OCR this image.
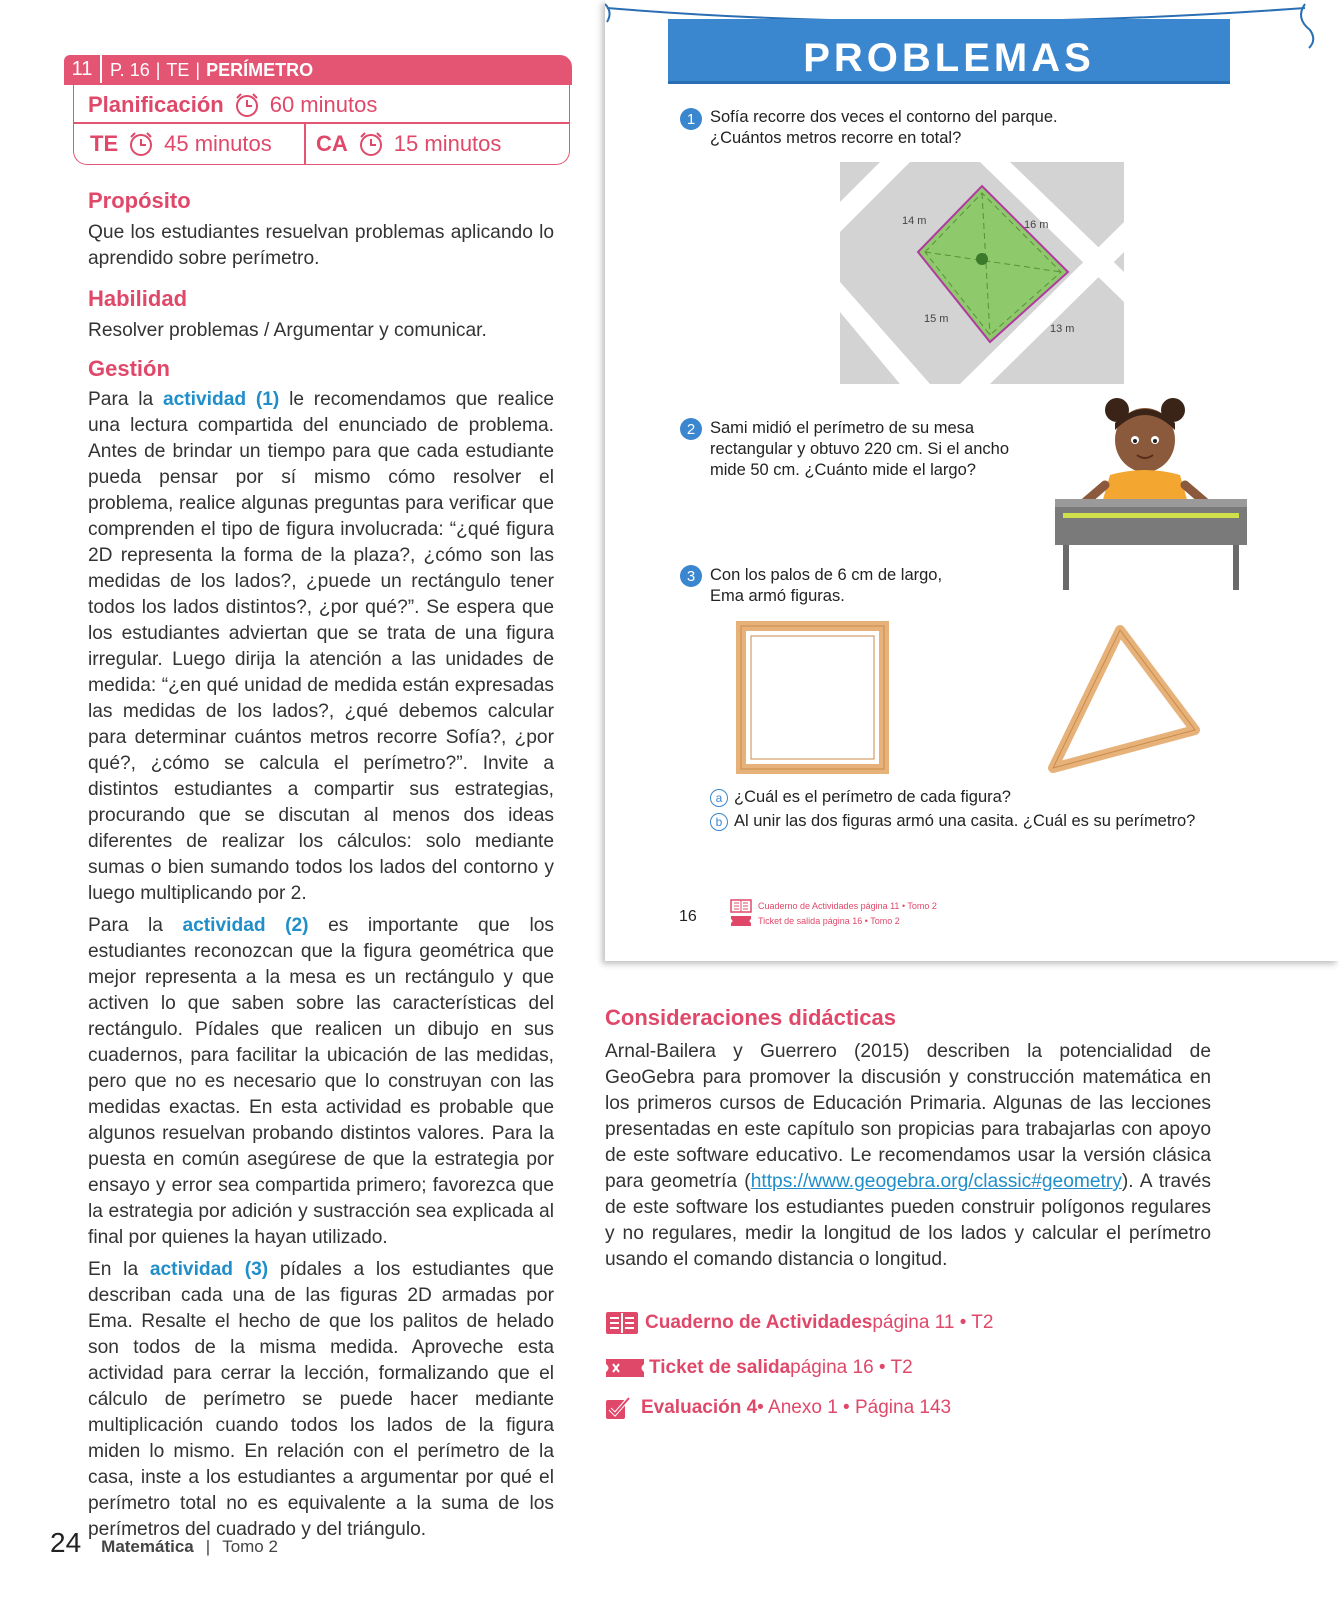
11 P. 16 | TE | PERÍMETRO
Planificación 60 minutos
TE 45 minutos CA 15 minutos
Propósito

Que los estudiantes resuelvan problemas aplicando lo aprendido sobre perímetro.

Habilidad

Resolver problemas / Argumentar y comunicar.

Gestión

Para la actividad (1) le recomendamos que realice una lectura compartida del enunciado de problema. Antes de brindar un tiempo para que cada estudiante pueda pensar por sí mismo cómo resolver el problema, realice algunas preguntas para verificar que comprenden el tipo de figura involucrada: “¿qué figura 2D representa la forma de la plaza?, ¿cómo son las medidas de los lados?, ¿puede un rectángulo tener todos los lados distintos?, ¿por qué?”. Se espera que los estudiantes adviertan que se trata de una figura irregular. Luego dirija la atención a las unidades de medida: “¿en qué unidad de medida están expresadas las medidas de los lados?, ¿qué debemos calcular para determinar cuántos metros recorre Sofía?, ¿por qué?, ¿cómo se calcula el perímetro?”. Invite a distintos estudiantes a compartir sus estrategias, procurando que se discutan al menos dos ideas diferentes de realizar los cálculos: solo mediante sumas o bien sumando todos los lados del contorno y luego multiplicando por 2.

Para la actividad (2) es importante que los estudiantes reconozcan que la figura geométrica que mejor representa a la mesa es un rectángulo y que activen lo que saben sobre las características del rectángulo. Pídales que realicen un dibujo en sus cuadernos, para facilitar la ubicación de las medidas, pero que no es necesario que lo construyan con las medidas exactas. En esta actividad es probable que algunos resuelvan probando distintos valores. Para la puesta en común asegúrese de que la estrategia por ensayo y error sea compartida primero; favorezca que la estrategia por adición y sustracción sea explicada al final por quienes la hayan utilizado.

En la actividad (3) pídales a los estudiantes que describan cada una de las figuras 2D armadas por Ema. Resalte el hecho de que los palitos de helado son todos de la misma medida. Aproveche esta actividad para cerrar la lección, formalizando que el cálculo de perímetro se puede hacer mediante multiplicación cuando todos los lados de la figura miden lo mismo. En relación con el perímetro de la casa, inste a los estudiantes a argumentar por qué el perímetro total no es equivalente a la suma de los perímetros del cuadrado y del triángulo.

PROBLEMAS
1 Sofía recorre dos veces el contorno del parque.
¿Cuántos metros recorre en total?
14 m	16 m
15 m
13 m
2 Sami midió el perímetro de su mesa
rectangular y obtuvo 220 cm. Si el ancho
mide 50 cm. ¿Cuánto mide el largo?
3 Con los palos de 6 cm de largo,
Ema armó figuras.
a ¿Cuál es el perímetro de cada figura?
b Al unir las dos figuras armó una casita. ¿Cuál es su perímetro?
16
Cuaderno de Actividades página 11 • Tomo 2
Ticket de salida página 16 • Tomo 2
Consideraciones didácticas

Arnal-Bailera y Guerrero (2015) describen la potencialidad de GeoGebra para promover la discusión y construcción matemática en los primeros cursos de Educación Primaria. Algunas de las lecciones presentadas en este capítulo son propicias para trabajarlas con apoyo de este software educativo. Le recomendamos usar la versión clásica para geometría (https://www.geogebra.org/classic#geometry). A través de este software los estudiantes pueden construir polígonos regulares y no regulares, medir la longitud de los lados y calcular el perímetro usando el comando distancia o longitud.

Cuaderno de Actividades página 11 • T2
Ticket de salida página 16 • T2
Evaluación 4 • Anexo 1 • Página 143
24 Matemática | Tomo 2
